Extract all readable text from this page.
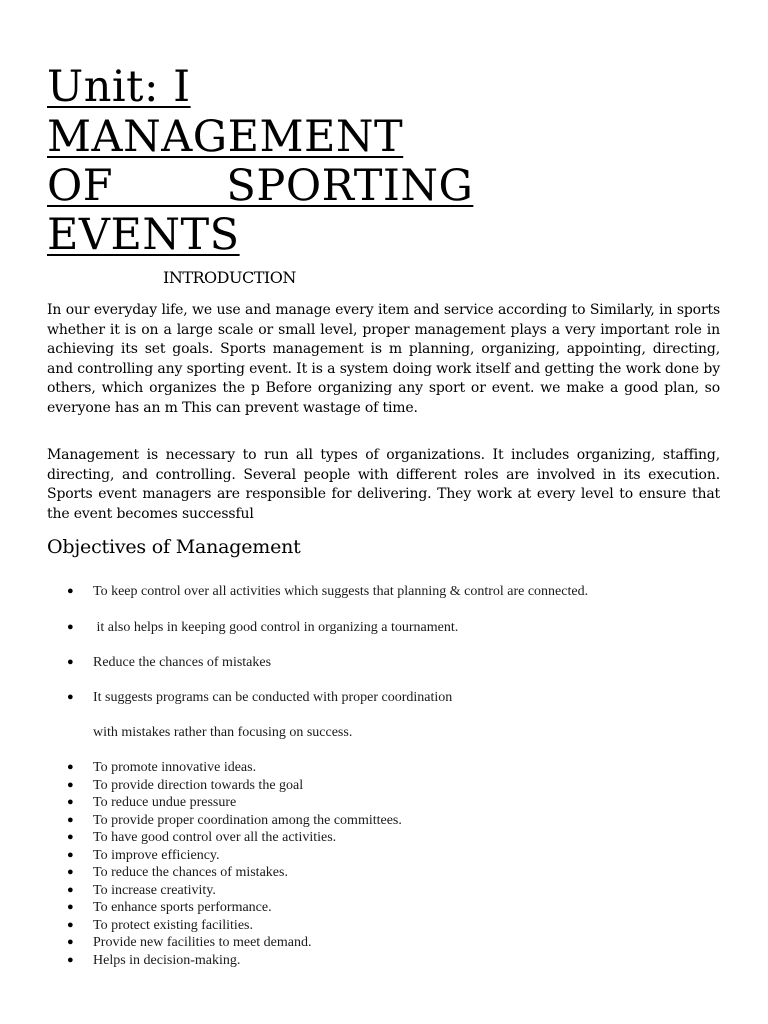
Unit: I
MANAGEMENT
OF        SPORTING
EVENTS
INTRODUCTION
In our everyday life, we use and manage every item and service according to Similarly, in sports whether it is on a large scale or small level, proper management plays a very important role in achieving its set goals. Sports management is m planning, organizing, appointing, directing, and controlling any sporting event. It is a system doing work itself and getting the work done by others, which organizes the p Before organizing any sport or event. we make a good plan, so everyone has an m This can prevent wastage of time.
Management is necessary to run all types of organizations. It includes organizing, staffing, directing, and controlling. Several people with different roles are involved in its execution. Sports event managers are responsible for delivering. They work at every level to ensure that the event becomes successful
Objectives of Management
● To keep control over all activities which suggests that planning & control are connected.
● it also helps in keeping good control in organizing a tournament.
● Reduce the chances of mistakes
● It suggests programs can be conducted with proper coordination
with mistakes rather than focusing on success.
● To promote innovative ideas.
● To provide direction towards the goal
● To reduce undue pressure
● To provide proper coordination among the committees.
● To have good control over all the activities.
● To improve efficiency.
● To reduce the chances of mistakes.
● To increase creativity.
● To enhance sports performance.
● To protect existing facilities.
● Provide new facilities to meet demand.
● Helps in decision-making.
